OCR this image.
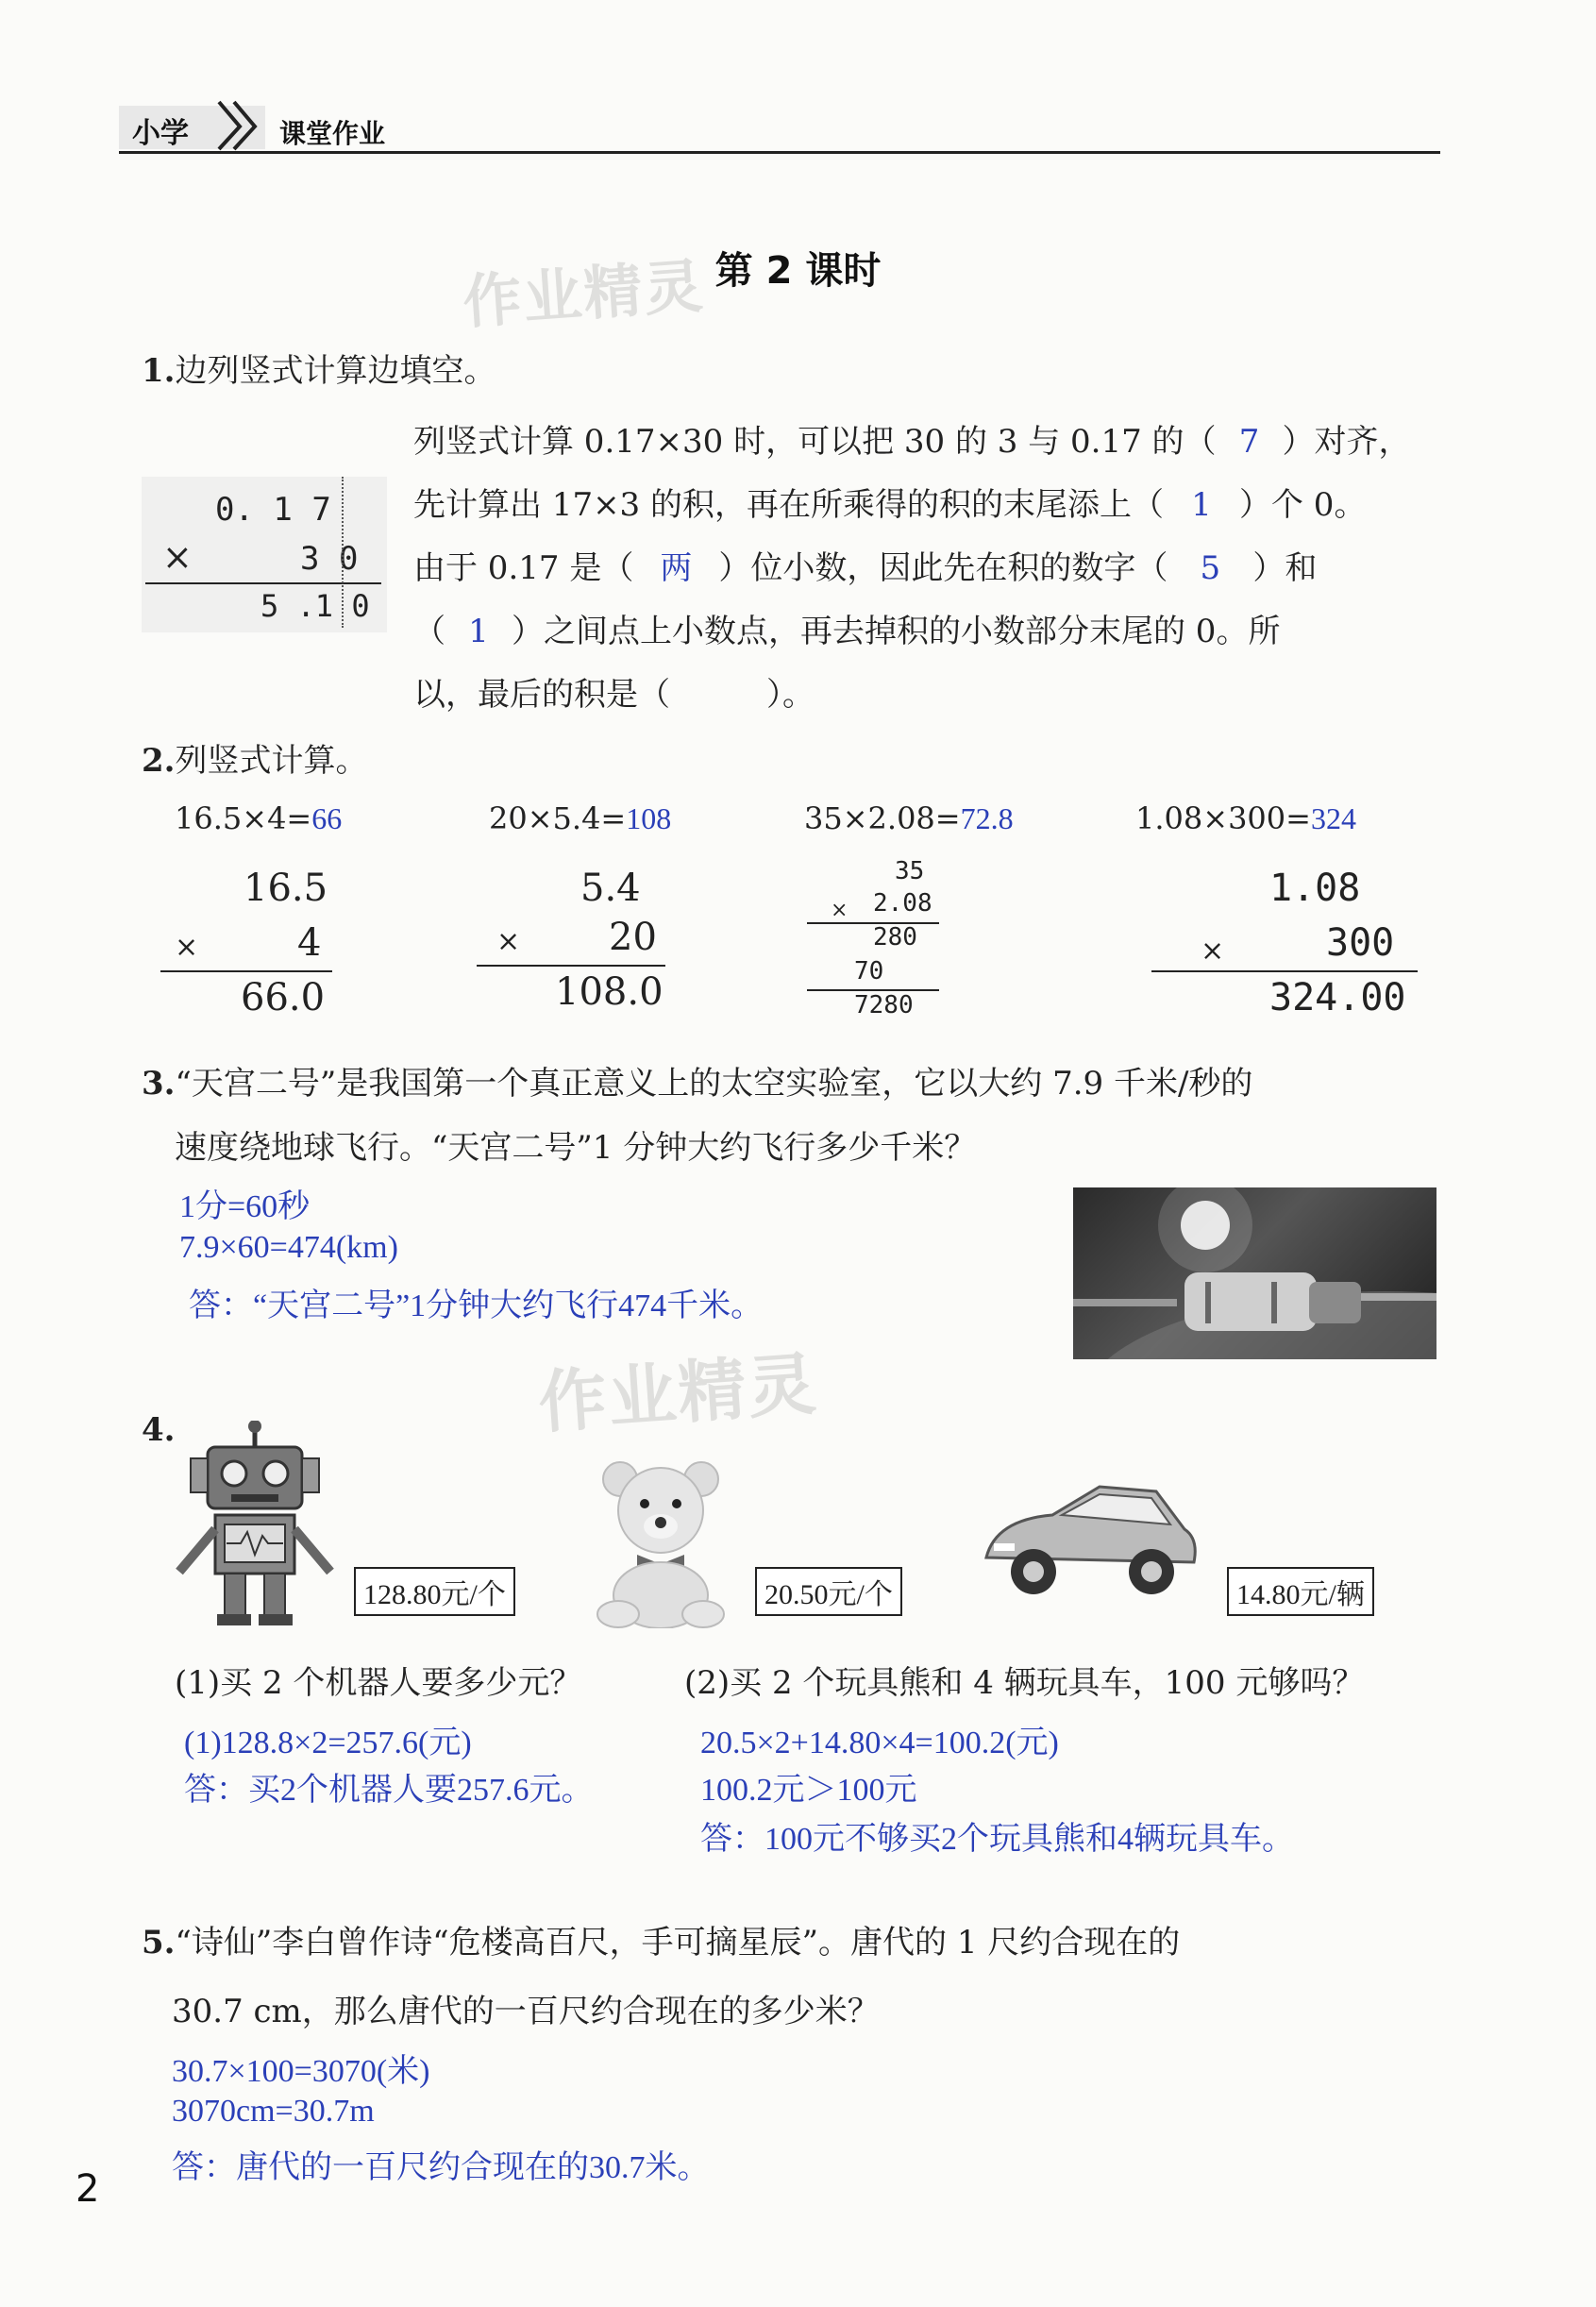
小学	课堂作业
作业精灵 第 2 课时
1.边列竖式计算边填空。
0. 1 7
×	3 0
5 .1 0
列竖式计算 0.17×30 时，可以把 30 的 3 与 0.17 的（ 7 ）对齐，
先计算出 17×3 的积，再在所乘得的积的末尾添上（ 1 ）个 0。
由于 0.17 是（ 两 ）位小数，因此先在积的数字（ 5 ）和
（ 1 ）之间点上小数点，再去掉积的小数部分末尾的 0。所
以，最后的积是（　　　）。
2.列竖式计算。
16.5×4=66
16.5
×	4
66.0
20×5.4=108
5.4
× 20
108.0
35×2.08=72.8
35
× 2.08
280
70
7280
1.08×300=324
1.08
×	300
324.00
3.“天宫二号”是我国第一个真正意义上的太空实验室，它以大约 7.9 千米/秒的
速度绕地球飞行。“天宫二号”1 分钟大约飞行多少千米？
1分=60秒
7.9×60=474(km)
答：“天宫二号”1分钟大约飞行474千米。
作业精灵
4.
128.80元/个	20.50元/个	14.80元/辆
(1)买 2 个机器人要多少元？	(2)买 2 个玩具熊和 4 辆玩具车，100 元够吗？
(1)128.8×2=257.6(元)
答：买2个机器人要257.6元。
20.5×2+14.80×4=100.2(元)
100.2元＞100元
答：100元不够买2个玩具熊和4辆玩具车。
5.“诗仙”李白曾作诗“危楼高百尺，手可摘星辰”。唐代的 1 尺约合现在的
30.7 cm，那么唐代的一百尺约合现在的多少米？
30.7×100=3070(米)
3070cm=30.7m
答：唐代的一百尺约合现在的30.7米。
2
